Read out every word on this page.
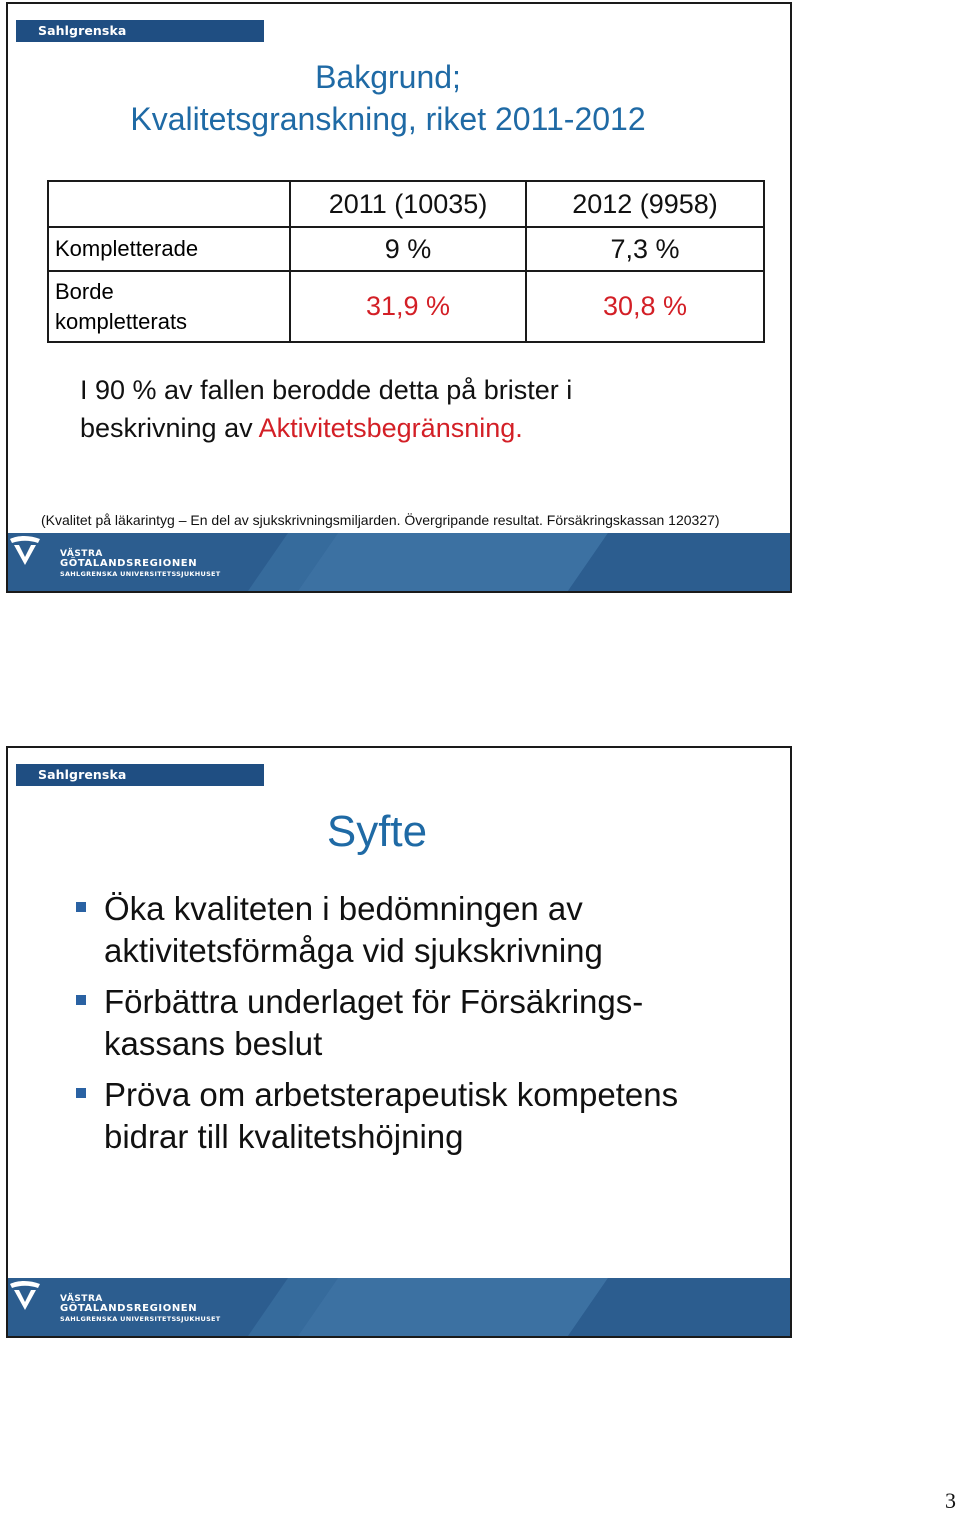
Sahlgrenska Universitetssjukhuset
Bakgrund;
Kvalitetsgranskning, riket 2011-2012
	2011 (10035)	2012 (9958)
Kompletterade	9 %	7,3 %

Borde
kompletterats	31,9 %	30,8 %
I 90 % av fallen berodde detta på brister i
beskrivning av Aktivitetsbegränsning.
(Kvalitet på läkarintyg – En del av sjukskrivningsmiljarden. Övergripande resultat. Försäkringskassan 120327)
VÄSTRA
GÖTALANDSREGIONEN
SAHLGRENSKA UNIVERSITETSSJUKHUSET
Sahlgrenska Universitetssjukhuset
Syfte
Öka kvaliteten i bedömningen av
aktivitetsförmåga vid sjukskrivning
Förbättra underlaget för Försäkrings-
kassans beslut
Pröva om arbetsterapeutisk kompetens
bidrar till kvalitetshöjning
VÄSTRA
GÖTALANDSREGIONEN
SAHLGRENSKA UNIVERSITETSSJUKHUSET
3
